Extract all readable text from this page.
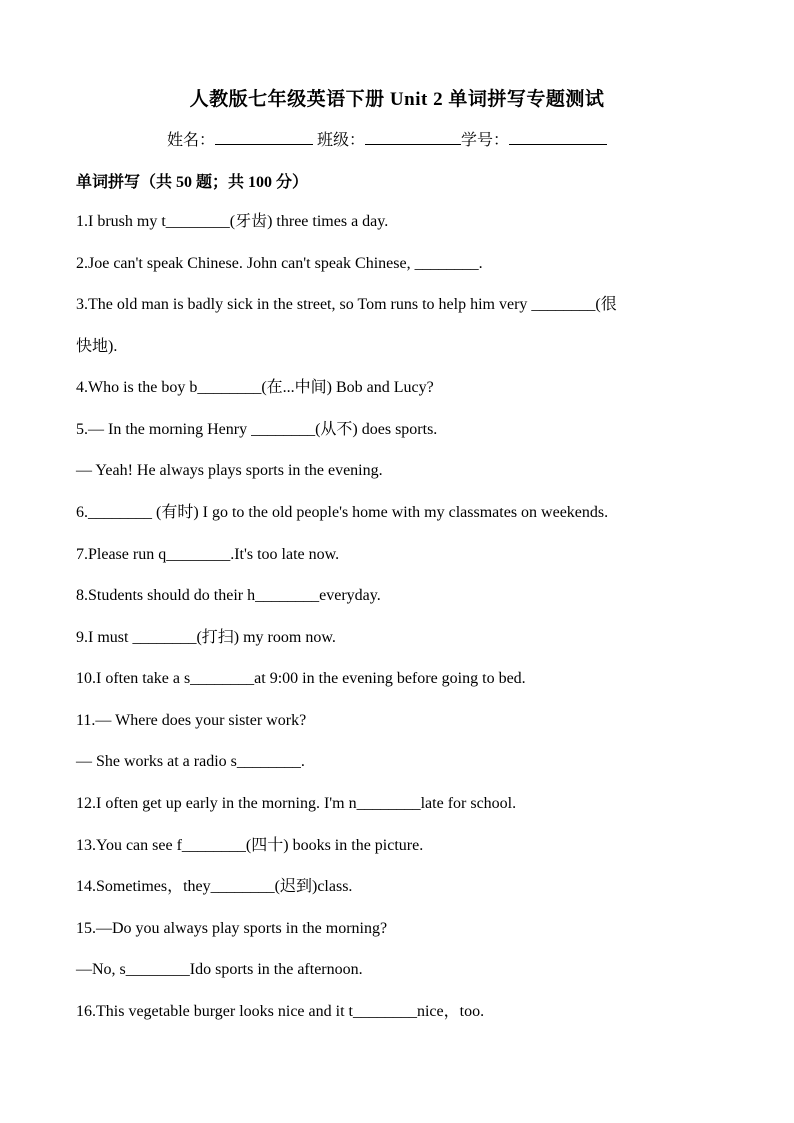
人教版七年级英语下册 Unit 2 单词拼写专题测试
姓名：	班级：	学号：
单词拼写（共 50 题；共 100 分）
1.I brush my t________(牙齿) three times a day.
2.Joe can't speak Chinese. John can't speak Chinese, ________.
3.The old man is badly sick in the street, so Tom runs to help him very ________(很
快地).
4.Who is the boy b________(在...中间) Bob and Lucy?
5.— In the morning Henry ________(从不) does sports.
— Yeah! He always plays sports in the evening.
6.________ (有时) I go to the old people's home with my classmates on weekends.
7.Please run q________.It's too late now.
8.Students should do their h________everyday.
9.I must ________(打扫) my room now.
10.I often take a s________at 9:00 in the evening before going to bed.
11.— Where does your sister work?
— She works at a radio s________.
12.I often get up early in the morning. I'm n________late for school.
13.You can see f________(四十) books in the picture.
14.Sometimes，they________(迟到)class.
15.—Do you always play sports in the morning?
—No, s________Ido sports in the afternoon.
16.This vegetable burger looks nice and it t________nice，too.
